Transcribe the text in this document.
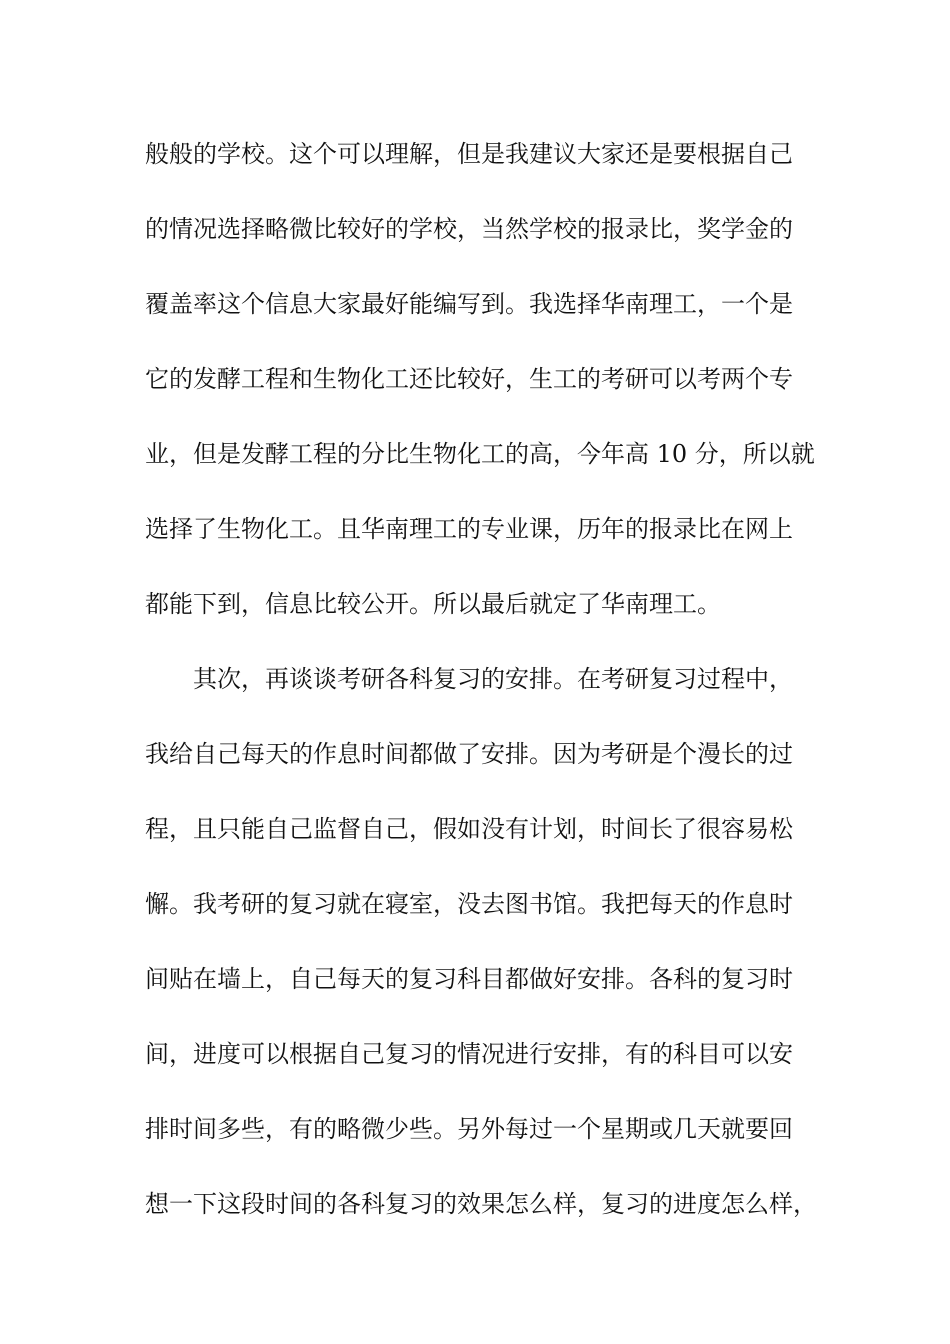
般般的学校。这个可以理解，但是我建议大家还是要根据自己
的情况选择略微比较好的学校，当然学校的报录比，奖学金的
覆盖率这个信息大家最好能编写到。我选择华南理工，一个是
它的发酵工程和生物化工还比较好，生工的考研可以考两个专
业，但是发酵工程的分比生物化工的高，今年高 10 分，所以就
选择了生物化工。且华南理工的专业课，历年的报录比在网上
都能下到，信息比较公开。所以最后就定了华南理工。
其次，再谈谈考研各科复习的安排。在考研复习过程中，
我给自己每天的作息时间都做了安排。因为考研是个漫长的过
程，且只能自己监督自己，假如没有计划，时间长了很容易松
懈。我考研的复习就在寝室，没去图书馆。我把每天的作息时
间贴在墙上，自己每天的复习科目都做好安排。各科的复习时
间，进度可以根据自己复习的情况进行安排，有的科目可以安
排时间多些，有的略微少些。另外每过一个星期或几天就要回
想一下这段时间的各科复习的效果怎么样，复习的进度怎么样，
